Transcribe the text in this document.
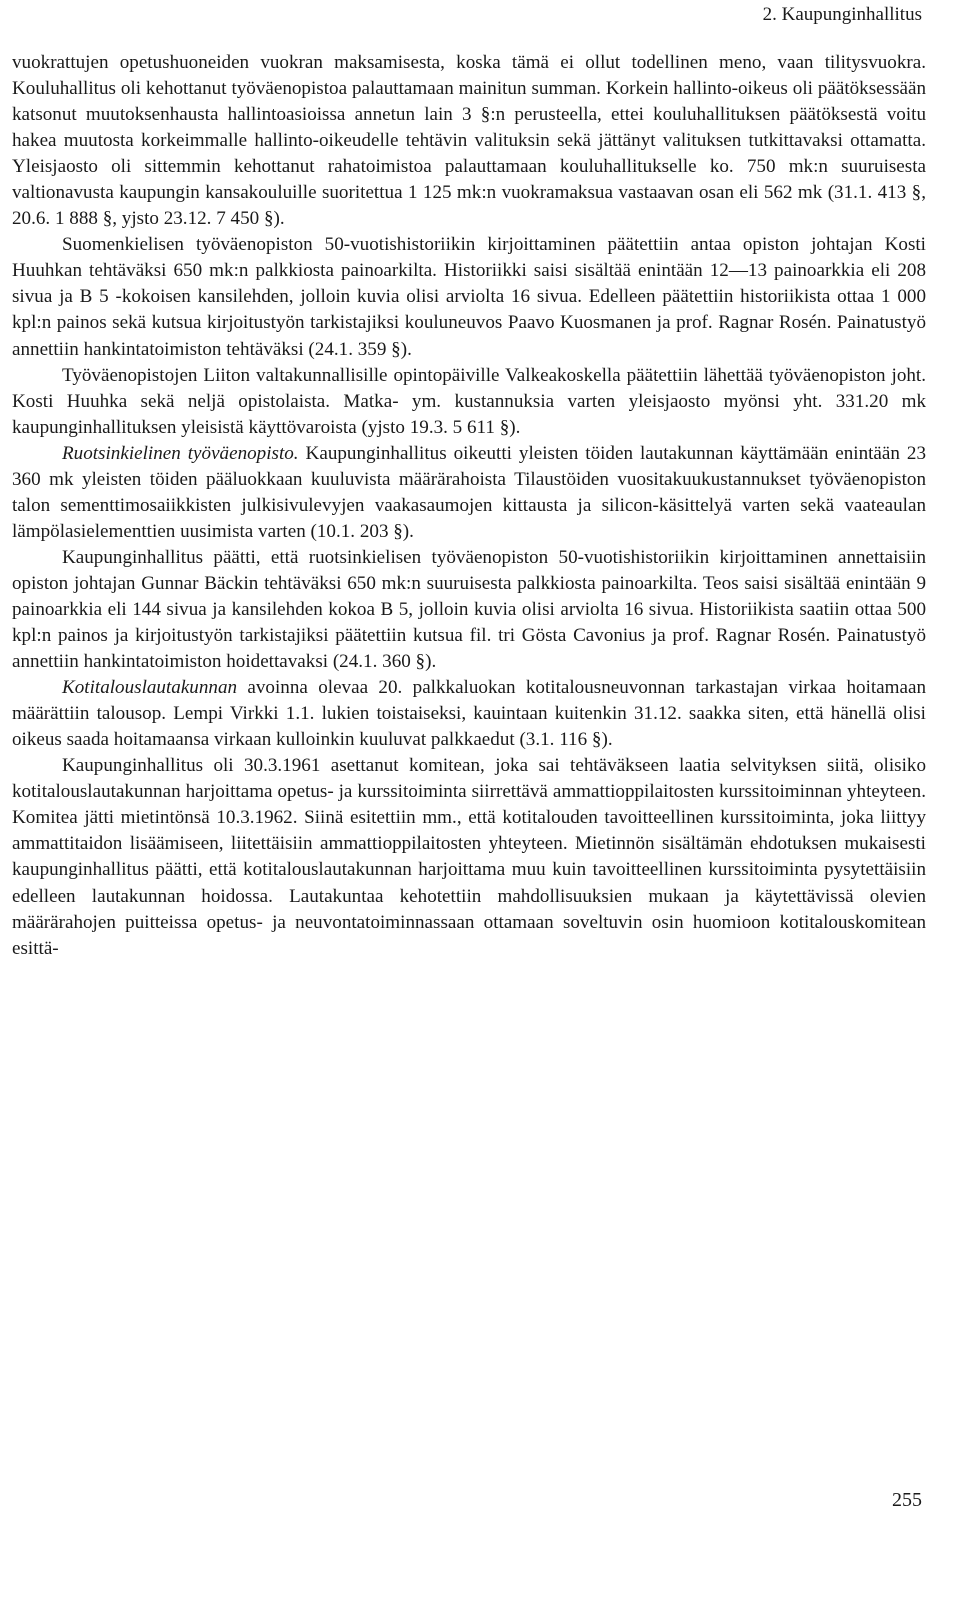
2. Kaupunginhallitus

vuokrattujen opetushuoneiden vuokran maksamisesta, koska tämä ei ollut todellinen meno, vaan tilitysvuokra. Kouluhallitus oli kehottanut työväenopistoa palauttamaan mainitun summan. Korkein hallinto-oikeus oli päätöksessään katsonut muutoksenhausta hallintoasioissa annetun lain 3 §:n perusteella, ettei kouluhallituksen päätöksestä voitu hakea muutosta korkeimmalle hallinto-oikeudelle tehtävin valituksin sekä jättänyt valituksen tutkittavaksi ottamatta. Yleisjaosto oli sittemmin kehottanut rahatoimistoa palauttamaan kouluhallitukselle ko. 750 mk:n suuruisesta valtionavusta kaupungin kansakouluille suoritettua 1 125 mk:n vuokramaksua vastaavan osan eli 562 mk (31.1. 413 §, 20.6. 1 888 §, yjsto 23.12. 7 450 §).

Suomenkielisen työväenopiston 50-vuotishistoriikin kirjoittaminen päätettiin antaa opiston johtajan Kosti Huuhkan tehtäväksi 650 mk:n palkkiosta painoarkilta. Historiikki saisi sisältää enintään 12—13 painoarkkia eli 208 sivua ja B 5 -kokoisen kansilehden, jolloin kuvia olisi arviolta 16 sivua. Edelleen päätettiin historiikista ottaa 1 000 kpl:n painos sekä kutsua kirjoitustyön tarkistajiksi kouluneuvos Paavo Kuosmanen ja prof. Ragnar Rosén. Painatustyö annettiin hankintatoimiston tehtäväksi (24.1. 359 §).

Työväenopistojen Liiton valtakunnallisille opintopäiville Valkeakoskella päätettiin lähettää työväenopiston joht. Kosti Huuhka sekä neljä opistolaista. Matka- ym. kustannuksia varten yleisjaosto myönsi yht. 331.20 mk kaupunginhallituksen yleisistä käyttövaroista (yjsto 19.3. 5 611 §).

Ruotsinkielinen työväenopisto. Kaupunginhallitus oikeutti yleisten töiden lautakunnan käyttämään enintään 23 360 mk yleisten töiden pääluokkaan kuuluvista määrärahoista Tilaustöiden vuositakuukustannukset työväenopiston talon sementtimosaiikkisten julkisivulevyjen vaakasaumojen kittausta ja silicon-käsittelyä varten sekä vaateaulan lämpölasielementtien uusimista varten (10.1. 203 §).

Kaupunginhallitus päätti, että ruotsinkielisen työväenopiston 50-vuotishistoriikin kirjoittaminen annettaisiin opiston johtajan Gunnar Bäckin tehtäväksi 650 mk:n suuruisesta palkkiosta painoarkilta. Teos saisi sisältää enintään 9 painoarkkia eli 144 sivua ja kansilehden kokoa B 5, jolloin kuvia olisi arviolta 16 sivua. Historiikista saatiin ottaa 500 kpl:n painos ja kirjoitustyön tarkistajiksi päätettiin kutsua fil. tri Gösta Cavonius ja prof. Ragnar Rosén. Painatustyö annettiin hankintatoimiston hoidettavaksi (24.1. 360 §).

Kotitalouslautakunnan avoinna olevaa 20. palkkaluokan kotitalousneuvonnan tarkastajan virkaa hoitamaan määrättiin talousop. Lempi Virkki 1.1. lukien toistaiseksi, kauintaan kuitenkin 31.12. saakka siten, että hänellä olisi oikeus saada hoitamaansa virkaan kulloinkin kuuluvat palkkaedut (3.1. 116 §).

Kaupunginhallitus oli 30.3.1961 asettanut komitean, joka sai tehtäväkseen laatia selvityksen siitä, olisiko kotitalouslautakunnan harjoittama opetus- ja kurssitoiminta siirrettävä ammattioppilaitosten kurssitoiminnan yhteyteen. Komitea jätti mietintönsä 10.3.1962. Siinä esitettiin mm., että kotitalouden tavoitteellinen kurssitoiminta, joka liittyy ammattitaidon lisäämiseen, liitettäisiin ammattioppilaitosten yhteyteen. Mietinnön sisältämän ehdotuksen mukaisesti kaupunginhallitus päätti, että kotitalouslautakunnan harjoittama muu kuin tavoitteellinen kurssitoiminta pysytettäisiin edelleen lautakunnan hoidossa. Lautakuntaa kehotettiin mahdollisuuksien mukaan ja käytettävissä olevien määrärahojen puitteissa opetus- ja neuvontatoiminnassaan ottamaan soveltuvin osin huomioon kotitalouskomitean esittä-

255
